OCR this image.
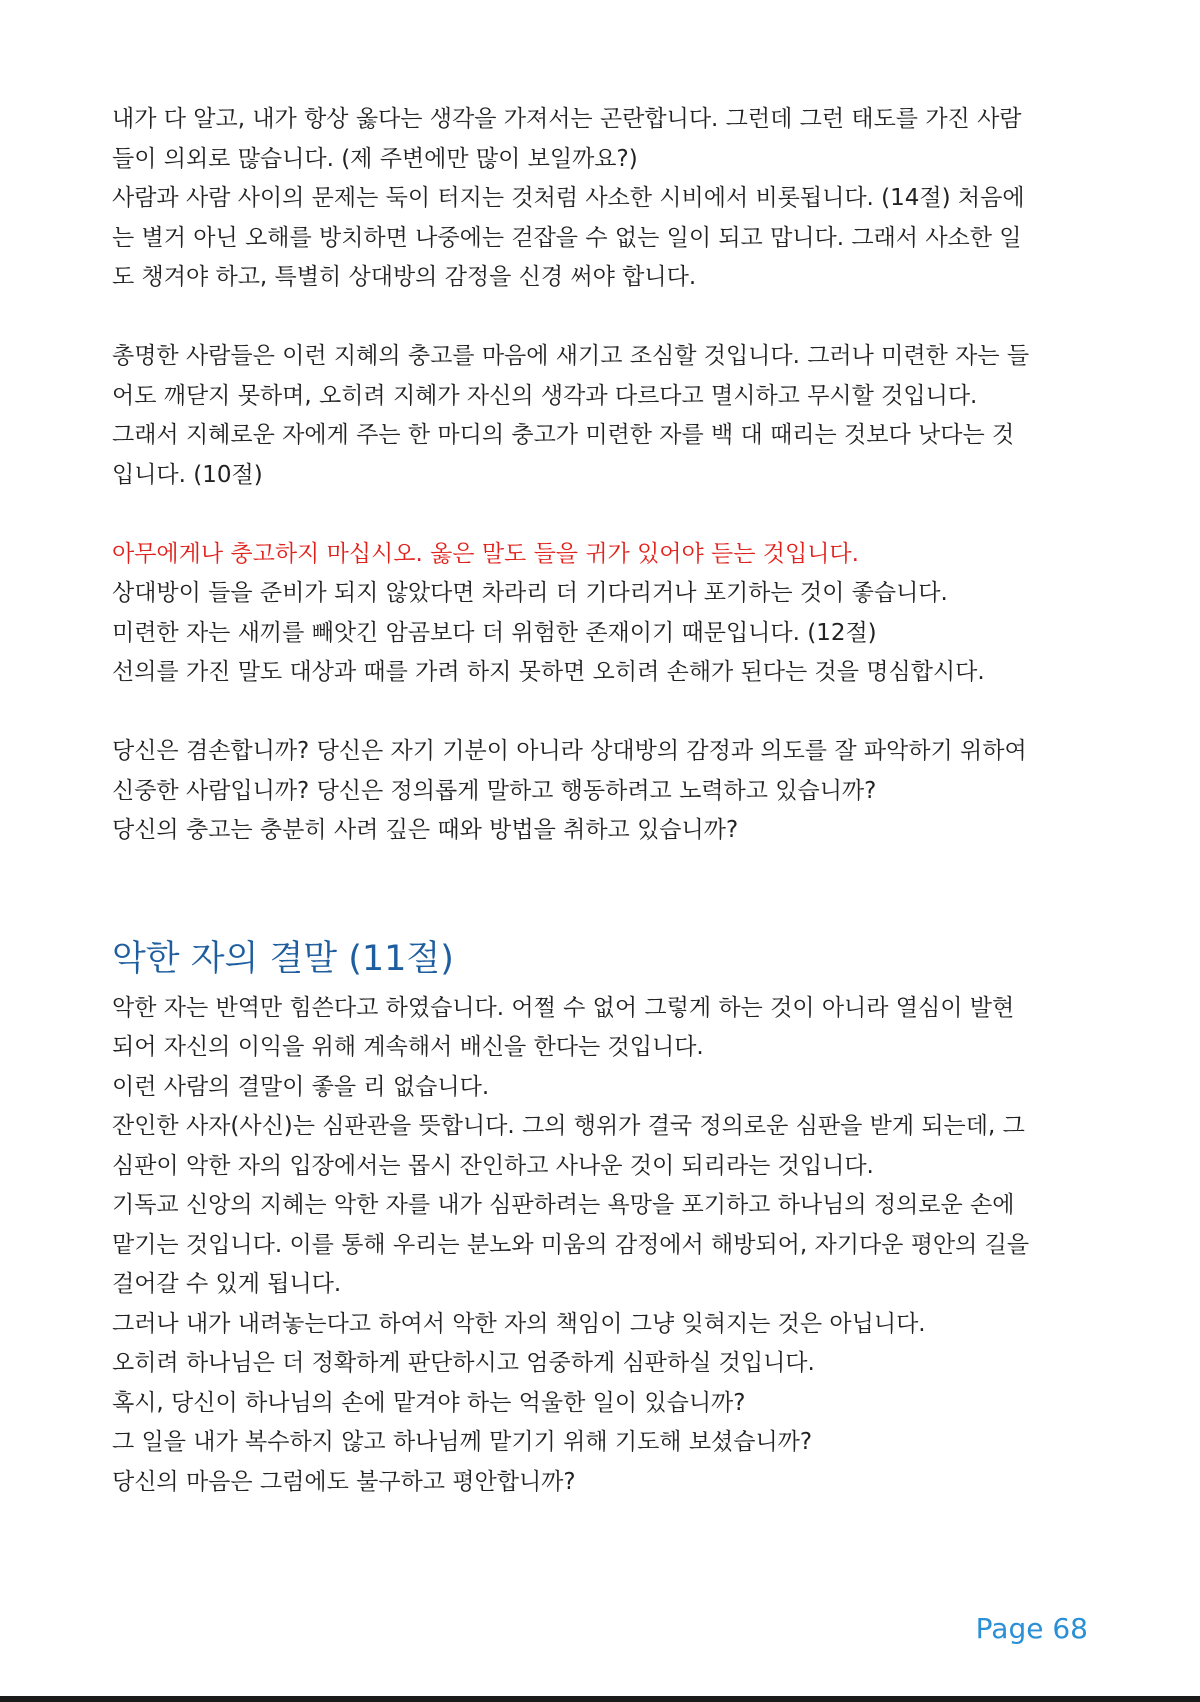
내가 다 알고, 내가 항상 옳다는 생각을 가져서는 곤란합니다. 그런데 그런 태도를 가진 사람
들이 의외로 많습니다. (제 주변에만 많이 보일까요?)
사람과 사람 사이의 문제는 둑이 터지는 것처럼 사소한 시비에서 비롯됩니다. (14절) 처음에
는 별거 아닌 오해를 방치하면 나중에는 걷잡을 수 없는 일이 되고 맙니다. 그래서 사소한 일
도 챙겨야 하고, 특별히 상대방의 감정을 신경 써야 합니다.
총명한 사람들은 이런 지혜의 충고를 마음에 새기고 조심할 것입니다. 그러나 미련한 자는 들
어도 깨닫지 못하며, 오히려 지혜가 자신의 생각과 다르다고 멸시하고 무시할 것입니다.
그래서 지혜로운 자에게 주는 한 마디의 충고가 미련한 자를 백 대 때리는 것보다 낫다는 것
입니다. (10절)
아무에게나 충고하지 마십시오. 옳은 말도 들을 귀가 있어야 듣는 것입니다.
상대방이 들을 준비가 되지 않았다면 차라리 더 기다리거나 포기하는 것이 좋습니다.
미련한 자는 새끼를 빼앗긴 암곰보다 더 위험한 존재이기 때문입니다. (12절)
선의를 가진 말도 대상과 때를 가려 하지 못하면 오히려 손해가 된다는 것을 명심합시다.
당신은 겸손합니까? 당신은 자기 기분이 아니라 상대방의 감정과 의도를 잘 파악하기 위하여
신중한 사람입니까? 당신은 정의롭게 말하고 행동하려고 노력하고 있습니까?
당신의 충고는 충분히 사려 깊은 때와 방법을 취하고 있습니까?
악한 자의 결말 (11절)
악한 자는 반역만 힘쓴다고 하였습니다. 어쩔 수 없어 그렇게 하는 것이 아니라 열심이 발현
되어 자신의 이익을 위해 계속해서 배신을 한다는 것입니다.
이런 사람의 결말이 좋을 리 없습니다.
잔인한 사자(사신)는 심판관을 뜻합니다. 그의 행위가 결국 정의로운 심판을 받게 되는데, 그
심판이 악한 자의 입장에서는 몹시 잔인하고 사나운 것이 되리라는 것입니다.
기독교 신앙의 지혜는 악한 자를 내가 심판하려는 욕망을 포기하고 하나님의 정의로운 손에
맡기는 것입니다. 이를 통해 우리는 분노와 미움의 감정에서 해방되어, 자기다운 평안의 길을
걸어갈 수 있게 됩니다.
그러나 내가 내려놓는다고 하여서 악한 자의 책임이 그냥 잊혀지는 것은 아닙니다.
오히려 하나님은 더 정확하게 판단하시고 엄중하게 심판하실 것입니다.
혹시, 당신이 하나님의 손에 맡겨야 하는 억울한 일이 있습니까?
그 일을 내가 복수하지 않고 하나님께 맡기기 위해 기도해 보셨습니까?
당신의 마음은 그럼에도 불구하고 평안합니까?
Page 68
